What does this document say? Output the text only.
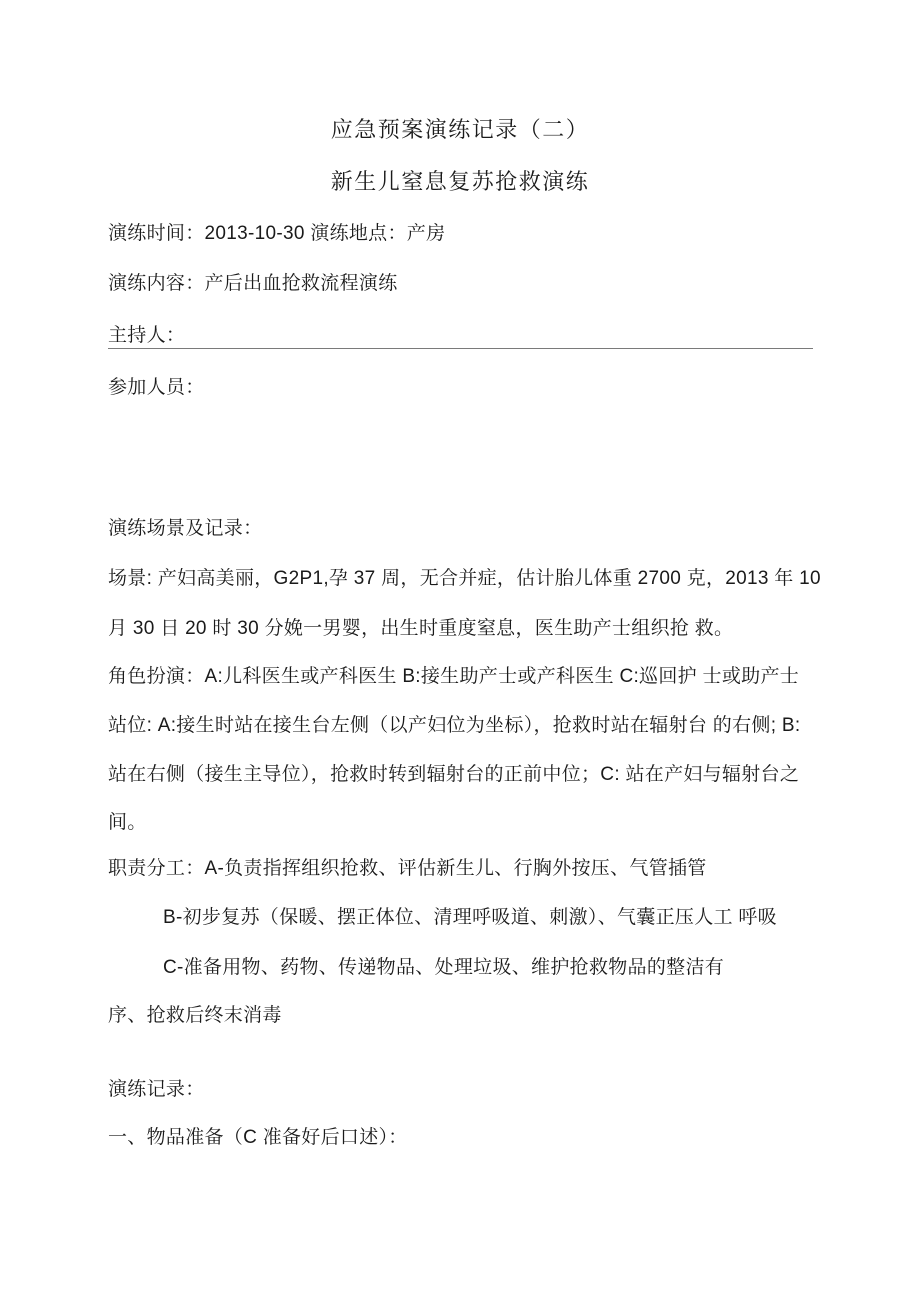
应急预案演练记录（二）
新生儿窒息复苏抢救演练
演练时间：2013-10-30 演练地点：产房
演练内容：产后出血抢救流程演练
主持人：
参加人员：
演练场景及记录：
场景: 产妇高美丽，G2P1,孕 37 周，无合并症，估计胎儿体重 2700 克，2013 年 10
月 30 日 20 时 30 分娩一男婴，出生时重度窒息，医生助产士组织抢 救。
角色扮演：A:儿科医生或产科医生 B:接生助产士或产科医生 C:巡回护 士或助产士
站位: A:接生时站在接生台左侧（以产妇位为坐标），抢救时站在辐射台 的右侧; B:
站在右侧（接生主导位），抢救时转到辐射台的正前中位；C: 站在产妇与辐射台之
间。
职责分工：A-负责指挥组织抢救、评估新生儿、行胸外按压、气管插管
B-初步复苏（保暖、摆正体位、清理呼吸道、刺激）、气囊正压人工 呼吸
C-准备用物、药物、传递物品、处理垃圾、维护抢救物品的整洁有
序、抢救后终末消毒
演练记录：
一、物品准备（C 准备好后口述）：
